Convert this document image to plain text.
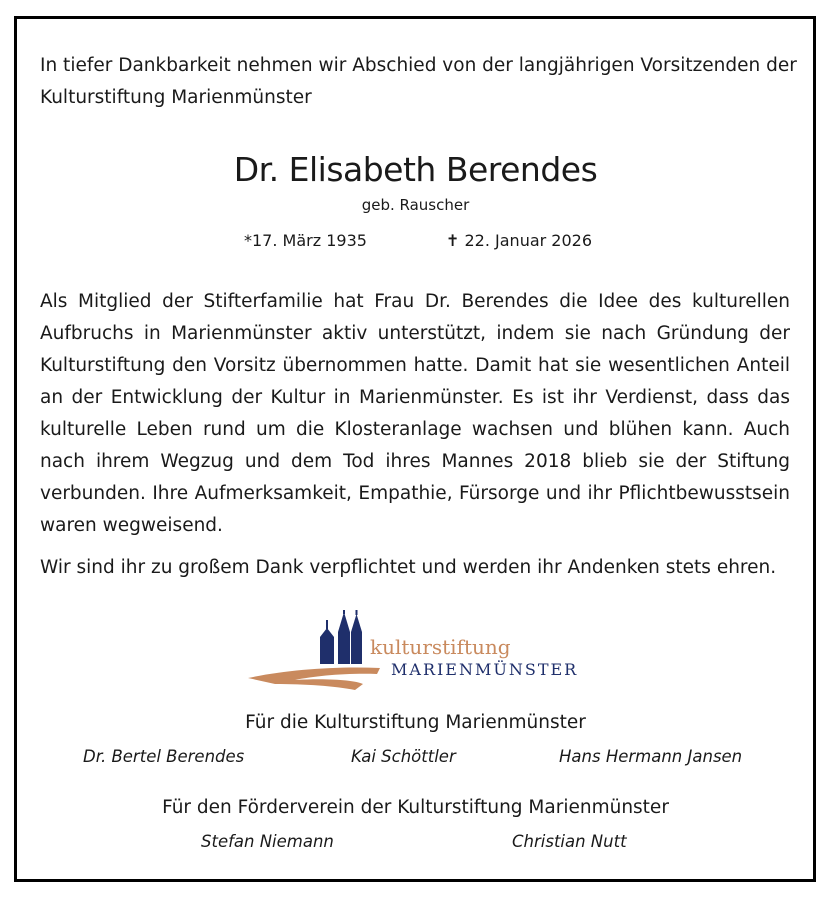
In tiefer Dankbarkeit nehmen wir Abschied von der langjährigen Vorsitzenden der Kulturstiftung Marienmünster
Dr. Elisabeth Berendes
geb. Rauscher
*17. März 1935	✝ 22. Januar 2026

Als Mitglied der Stifterfamilie hat Frau Dr. Berendes die Idee des kulturellen Aufbruchs in Marienmünster aktiv unterstützt, indem sie nach Gründung der Kulturstiftung den Vorsitz übernommen hatte. Damit hat sie wesentlichen Anteil an der Entwicklung der Kultur in Marienmünster. Es ist ihr Verdienst, dass das kulturelle Leben rund um die Klosteranlage wachsen und blühen kann. Auch nach ihrem Wegzug und dem Tod ihres Mannes 2018 blieb sie der Stiftung verbunden. Ihre Aufmerksamkeit, Empathie, Fürsorge und ihr Pflichtbewusstsein waren wegweisend.

Wir sind ihr zu großem Dank verpflichtet und werden ihr Andenken stets ehren.

kulturstiftung
MARIENMÜNSTER
Für die Kulturstiftung Marienmünster
Dr. Bertel Berendes	Kai Schöttler	Hans Hermann Jansen
Für den Förderverein der Kulturstiftung Marienmünster
Stefan Niemann	Christian Nutt
